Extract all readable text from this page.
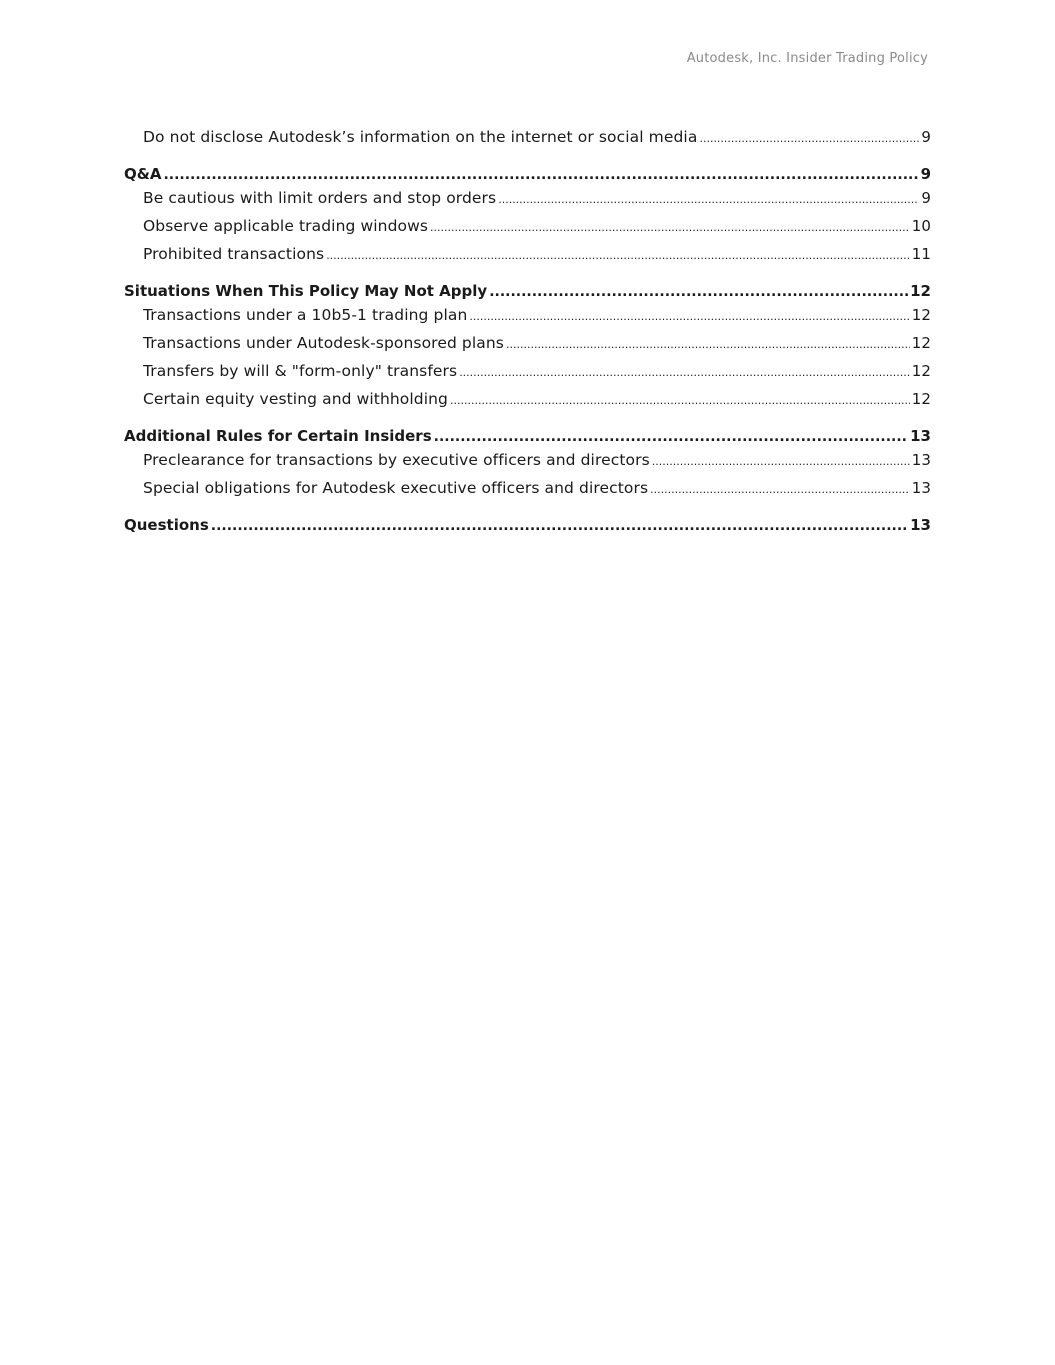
Autodesk, Inc. Insider Trading Policy
Do not disclose Autodesk’s information on the internet or social media .....	9
Q&A .....	9
Be cautious with limit orders and stop orders .....	9
Observe applicable trading windows .....	10
Prohibited transactions .....	11
Situations When This Policy May Not Apply .....	12
Transactions under a 10b5-1 trading plan .....	12
Transactions under Autodesk-sponsored plans .....	12
Transfers by will & "form-only" transfers .....	12
Certain equity vesting and withholding .....	12
Additional Rules for Certain Insiders .....	13
Preclearance for transactions by executive officers and directors .....	13
Special obligations for Autodesk executive officers and directors .....	13
Questions .....	13
